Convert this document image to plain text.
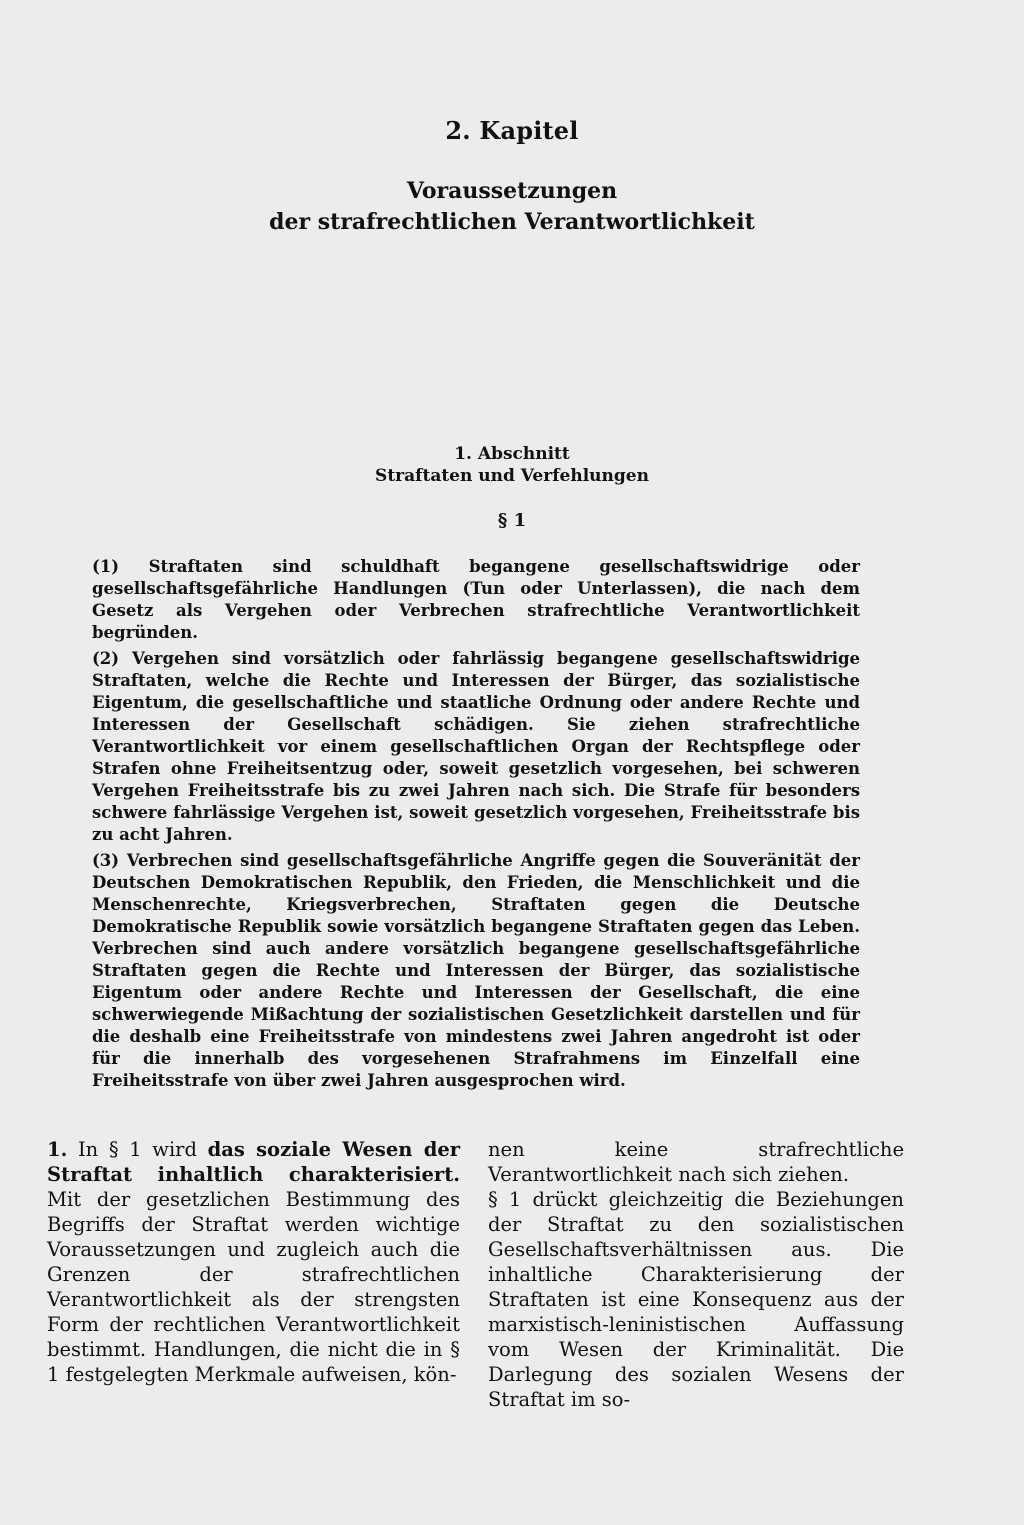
2. Kapitel
Voraussetzungen
der strafrechtlichen Verantwortlichkeit
1. Abschnitt
Straftaten und Verfehlungen
§ 1

(1) Straftaten sind schuldhaft begangene gesellschaftswidrige oder gesellschaftsgefährliche Handlungen (Tun oder Unterlassen), die nach dem Gesetz als Vergehen oder Verbrechen strafrechtliche Verantwortlichkeit begründen.

(2) Vergehen sind vorsätzlich oder fahrlässig begangene gesellschaftswidrige Straftaten, welche die Rechte und Interessen der Bürger, das sozialistische Eigentum, die gesellschaftliche und staatliche Ordnung oder andere Rechte und Interessen der Gesellschaft schädigen. Sie ziehen strafrechtliche Verantwortlichkeit vor einem gesellschaftlichen Organ der Rechtspflege oder Strafen ohne Freiheitsentzug oder, soweit gesetzlich vorgesehen, bei schweren Vergehen Freiheitsstrafe bis zu zwei Jahren nach sich. Die Strafe für besonders schwere fahrlässige Vergehen ist, soweit gesetzlich vorgesehen, Freiheitsstrafe bis zu acht Jahren.

(3) Verbrechen sind gesellschaftsgefährliche Angriffe gegen die Souveränität der Deutschen Demokratischen Republik, den Frieden, die Menschlichkeit und die Menschenrechte, Kriegsverbrechen, Straftaten gegen die Deutsche Demokratische Republik sowie vorsätzlich begangene Straftaten gegen das Leben. Verbrechen sind auch andere vorsätzlich begangene gesellschaftsgefährliche Straftaten gegen die Rechte und Interessen der Bürger, das sozialistische Eigentum oder andere Rechte und Interessen der Gesellschaft, die eine schwerwiegende Mißachtung der sozialistischen Gesetzlichkeit darstellen und für die deshalb eine Freiheitsstrafe von mindestens zwei Jahren angedroht ist oder für die innerhalb des vorgesehenen Strafrahmens im Einzelfall eine Freiheitsstrafe von über zwei Jahren ausgesprochen wird.

1. In § 1 wird das soziale Wesen der Straftat inhaltlich charakterisiert. Mit der gesetzlichen Bestimmung des Begriffs der Straftat werden wichtige Voraussetzungen und zugleich auch die Grenzen der strafrechtlichen Verantwortlichkeit als der strengsten Form der rechtlichen Verantwortlichkeit bestimmt. Handlungen, die nicht die in § 1 festgelegten Merkmale aufweisen, kön-

nen keine strafrechtliche Verantwortlichkeit nach sich ziehen.

§ 1 drückt gleichzeitig die Beziehungen der Straftat zu den sozialistischen Gesellschaftsverhältnissen aus. Die inhaltliche Charakterisierung der Straftaten ist eine Konsequenz aus der marxistisch-leninistischen Auffassung vom Wesen der Kriminalität. Die Darlegung des sozialen Wesens der Straftat im so-
